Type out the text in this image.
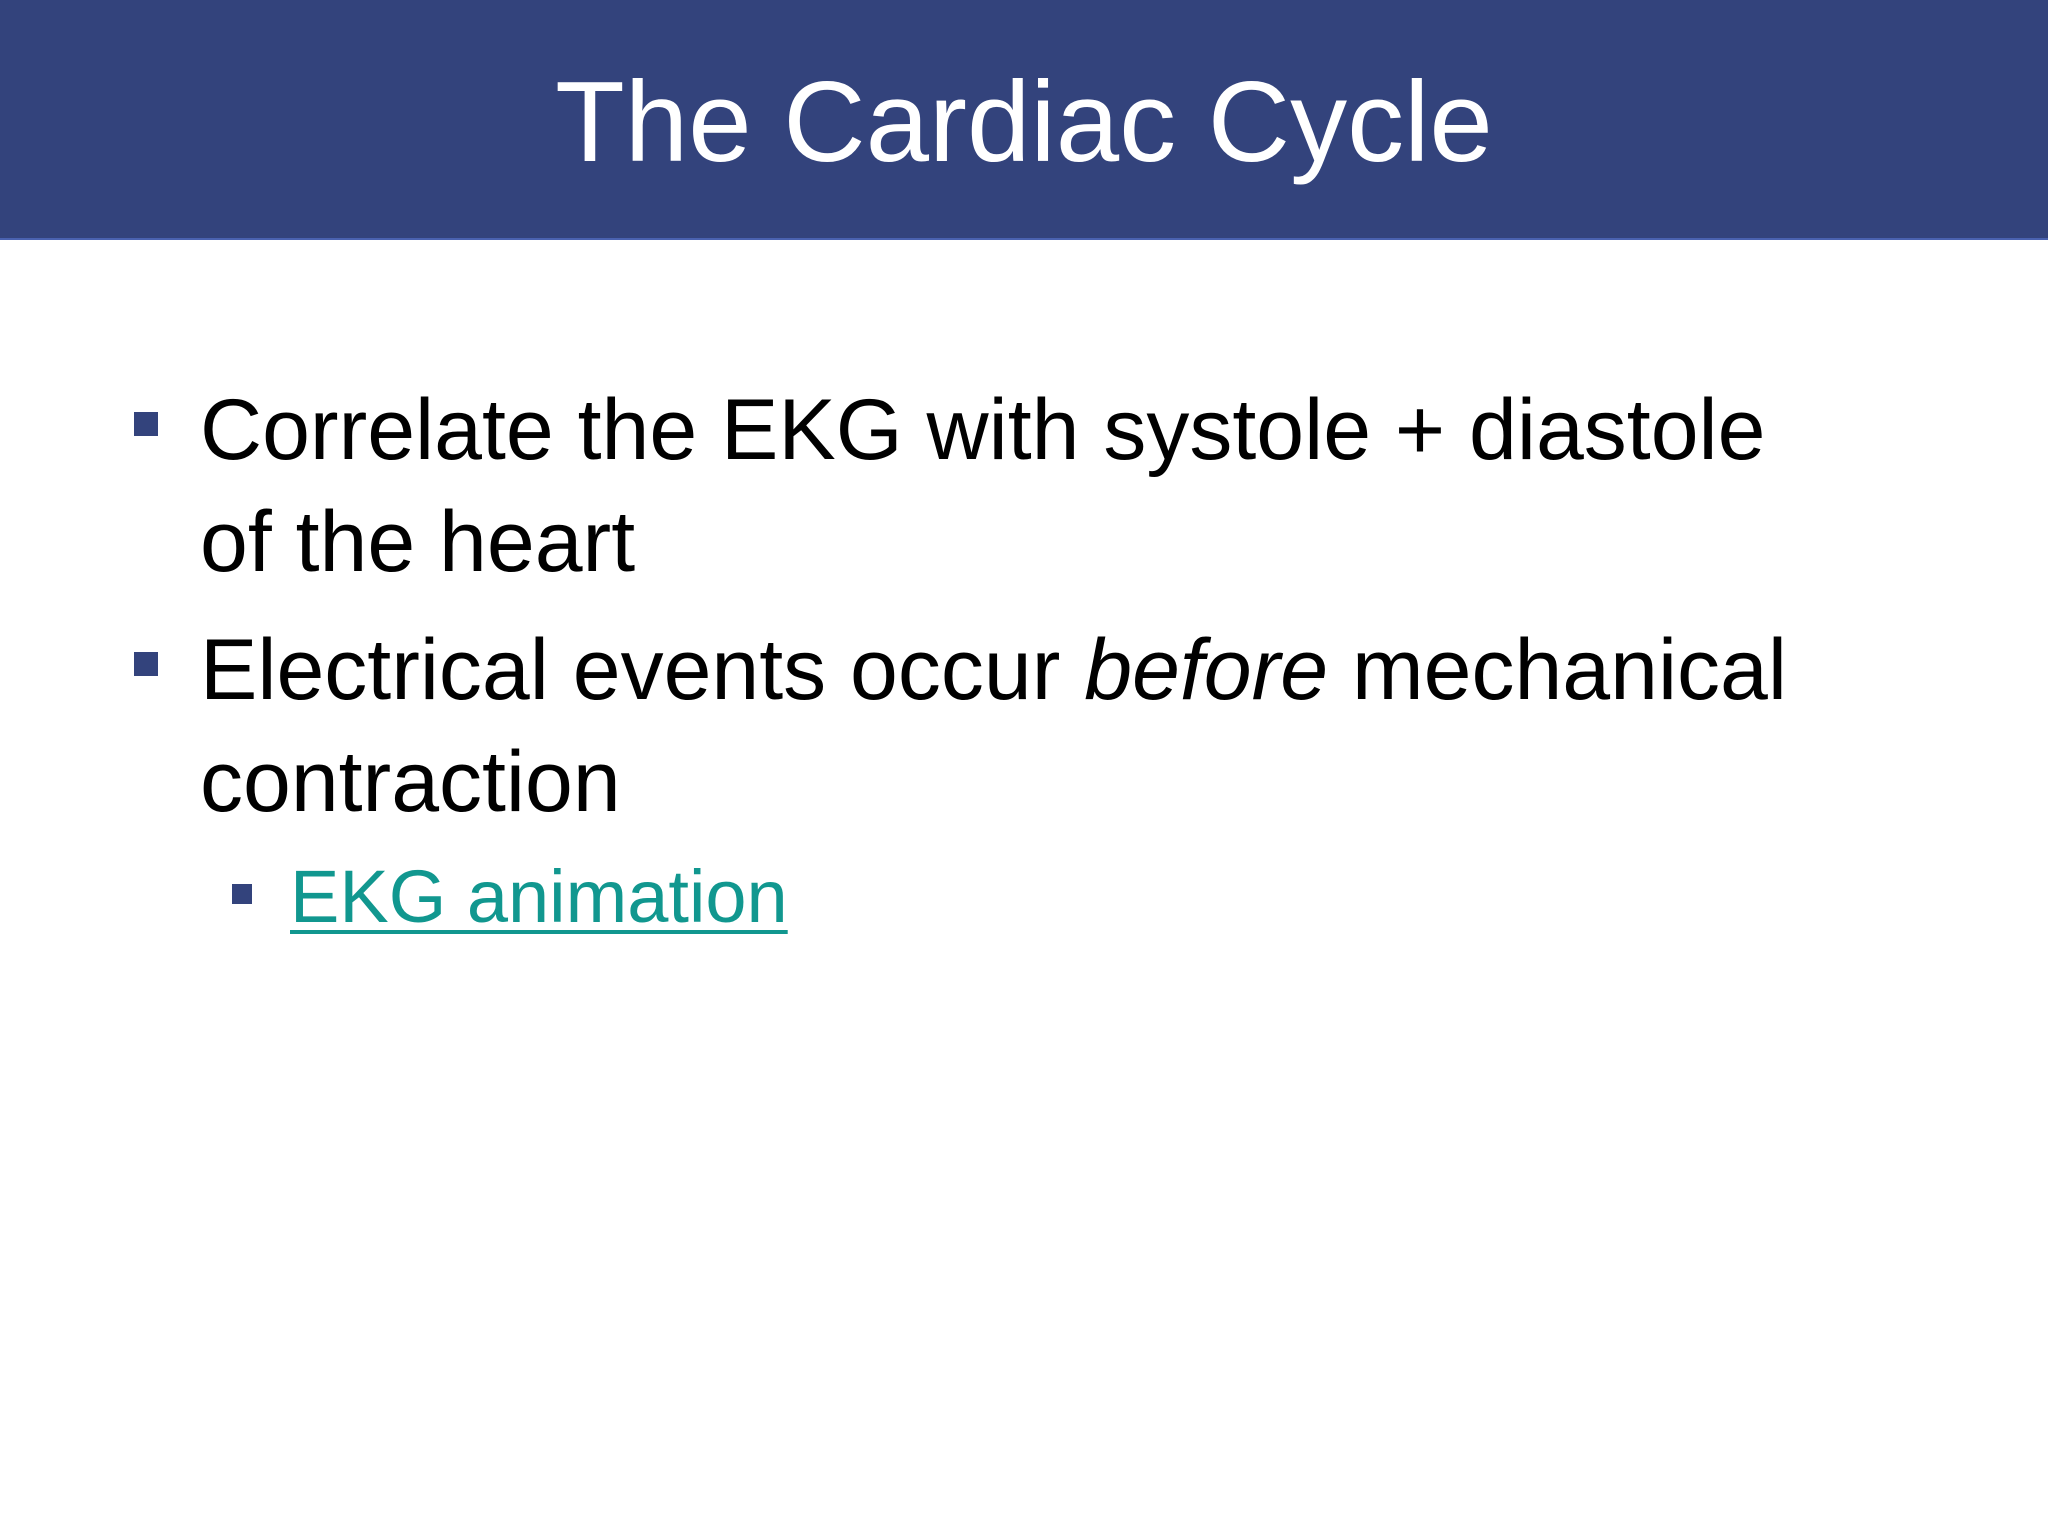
The Cardiac Cycle
Correlate the EKG with systole + diastole
of the heart
Electrical events occur before mechanical
contraction
EKG animation
